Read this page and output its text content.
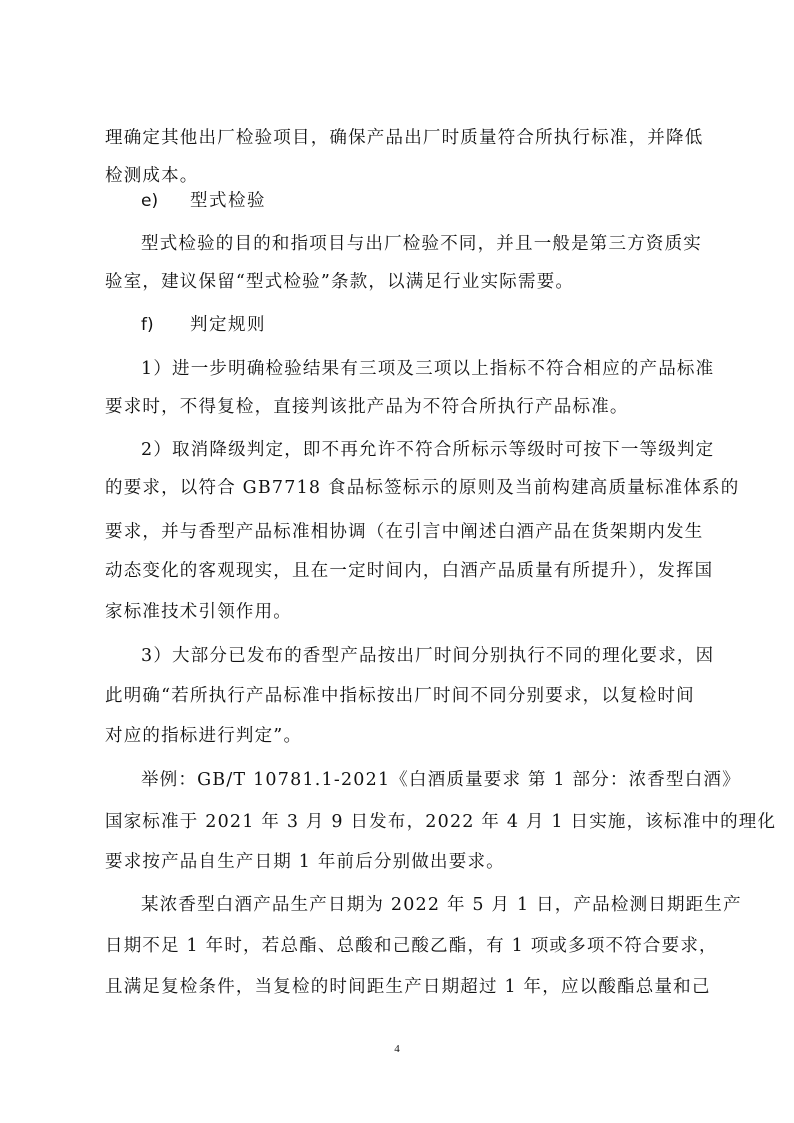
理确定其他出厂检验项目，确保产品出厂时质量符合所执行标准，并降低
检测成本。
e) 型式检验
型式检验的目的和指项目与出厂检验不同，并且一般是第三方资质实
验室，建议保留“型式检验”条款，以满足行业实际需要。
f) 判定规则
1）进一步明确检验结果有三项及三项以上指标不符合相应的产品标准
要求时，不得复检，直接判该批产品为不符合所执行产品标准。
2）取消降级判定，即不再允许不符合所标示等级时可按下一等级判定
的要求，以符合 GB7718 食品标签标示的原则及当前构建高质量标准体系的
要求，并与香型产品标准相协调（在引言中阐述白酒产品在货架期内发生
动态变化的客观现实，且在一定时间内，白酒产品质量有所提升），发挥国
家标准技术引领作用。
3）大部分已发布的香型产品按出厂时间分别执行不同的理化要求，因
此明确“若所执行产品标准中指标按出厂时间不同分别要求，以复检时间
对应的指标进行判定”。
举例：GB/T 10781.1-2021《白酒质量要求 第 1 部分：浓香型白酒》
国家标准于 2021 年 3 月 9 日发布，2022 年 4 月 1 日实施，该标准中的理化
要求按产品自生产日期 1 年前后分别做出要求。
某浓香型白酒产品生产日期为 2022 年 5 月 1 日，产品检测日期距生产
日期不足 1 年时，若总酯、总酸和己酸乙酯，有 1 项或多项不符合要求，
且满足复检条件，当复检的时间距生产日期超过 1 年，应以酸酯总量和己
4
